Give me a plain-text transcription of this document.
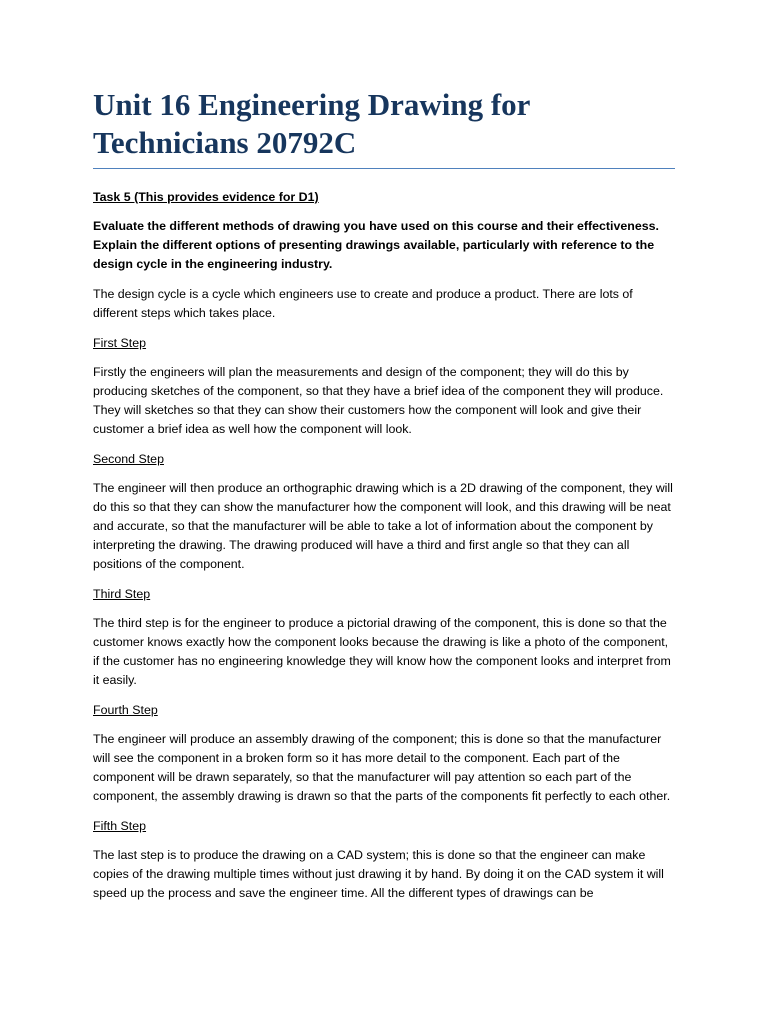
Unit 16 Engineering Drawing for Technicians 20792C

Task 5 (This provides evidence for D1)

Evaluate the different methods of drawing you have used on this course and their effectiveness. Explain the different options of presenting drawings available, particularly with reference to the design cycle in the engineering industry.

The design cycle is a cycle which engineers use to create and produce a product. There are lots of different steps which takes place.

First Step

Firstly the engineers will plan the measurements and design of the component; they will do this by producing sketches of the component, so that they have a brief idea of the component they will produce. They will sketches so that they can show their customers how the component will look and give their customer a brief idea as well how the component will look.

Second Step

The engineer will then produce an orthographic drawing which is a 2D drawing of the component, they will do this so that they can show the manufacturer how the component will look, and this drawing will be neat and accurate, so that the manufacturer will be able to take a lot of information about the component by interpreting the drawing. The drawing produced will have a third and first angle so that they can all positions of the component.

Third Step

The third step is for the engineer to produce a pictorial drawing of the component, this is done so that the customer knows exactly how the component looks because the drawing is like a photo of the component, if the customer has no engineering knowledge they will know how the component looks and interpret from it easily.

Fourth Step

The engineer will produce an assembly drawing of the component; this is done so that the manufacturer will see the component in a broken form so it has more detail to the component. Each part of the component will be drawn separately, so that the manufacturer will pay attention so each part of the component, the assembly drawing is drawn so that the parts of the components fit perfectly to each other.

Fifth Step

The last step is to produce the drawing on a CAD system; this is done so that the engineer can make copies of the drawing multiple times without just drawing it by hand. By doing it on the CAD system it will speed up the process and save the engineer time. All the different types of drawings can be
